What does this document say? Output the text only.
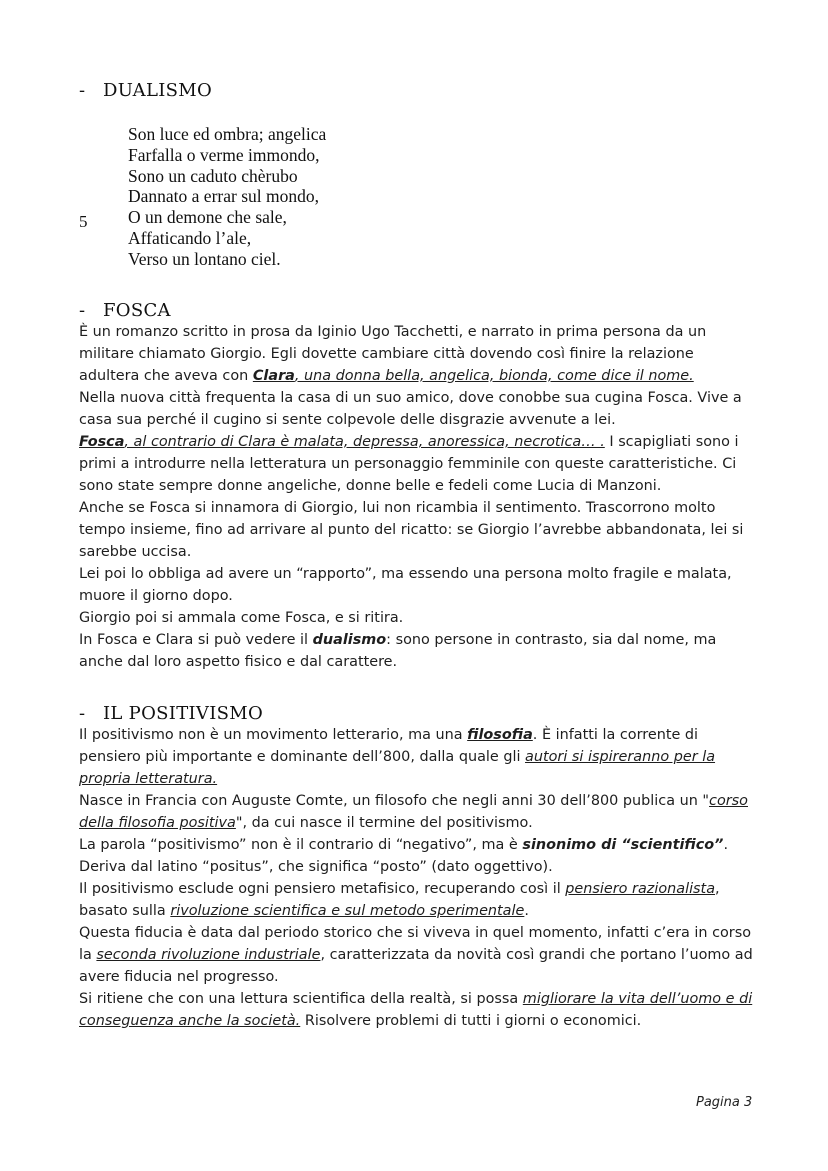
- DUALISMO
Son luce ed ombra; angelica
Farfalla o verme immondo,
Sono un caduto chèrubo
Dannato a errar sul mondo,
O un demone che sale,
Affaticando l’ale,
Verso un lontano ciel.
5
- FOSCA
È un romanzo scritto in prosa da Iginio Ugo Tacchetti, e narrato in prima persona da un
militare chiamato Giorgio. Egli dovette cambiare città dovendo così finire la relazione
adultera che aveva con Clara, una donna bella, angelica, bionda, come dice il nome.
Nella nuova città frequenta la casa di un suo amico, dove conobbe sua cugina Fosca. Vive a
casa sua perché il cugino si sente colpevole delle disgrazie avvenute a lei.
Fosca, al contrario di Clara è malata, depressa, anoressica, necrotica… . I scapigliati sono i
primi a introdurre nella letteratura un personaggio femminile con queste caratteristiche. Ci
sono state sempre donne angeliche, donne belle e fedeli come Lucia di Manzoni.
Anche se Fosca si innamora di Giorgio, lui non ricambia il sentimento. Trascorrono molto
tempo insieme, fino ad arrivare al punto del ricatto: se Giorgio l’avrebbe abbandonata, lei si
sarebbe uccisa.
Lei poi lo obbliga ad avere un “rapporto”, ma essendo una persona molto fragile e malata,
muore il giorno dopo.
Giorgio poi si ammala come Fosca, e si ritira.
In Fosca e Clara si può vedere il dualismo: sono persone in contrasto, sia dal nome, ma
anche dal loro aspetto fisico e dal carattere.
- IL POSITIVISMO
Il positivismo non è un movimento letterario, ma una filosofia. È infatti la corrente di
pensiero più importante e dominante dell’800, dalla quale gli autori si ispireranno per la
propria letteratura.
Nasce in Francia con Auguste Comte, un filosofo che negli anni 30 dell’800 publica un "corso
della filosofia positiva", da cui nasce il termine del positivismo.
La parola “positivismo” non è il contrario di “negativo”, ma è sinonimo di “scientifico”.
Deriva dal latino “positus”, che significa “posto” (dato oggettivo).
Il positivismo esclude ogni pensiero metafisico, recuperando così il pensiero razionalista,
basato sulla rivoluzione scientifica e sul metodo sperimentale.
Questa fiducia è data dal periodo storico che si viveva in quel momento, infatti c’era in corso
la seconda rivoluzione industriale, caratterizzata da novità così grandi che portano l’uomo ad
avere fiducia nel progresso.
Si ritiene che con una lettura scientifica della realtà, si possa migliorare la vita dell’uomo e di
conseguenza anche la società. Risolvere problemi di tutti i giorni o economici.
Pagina 3
